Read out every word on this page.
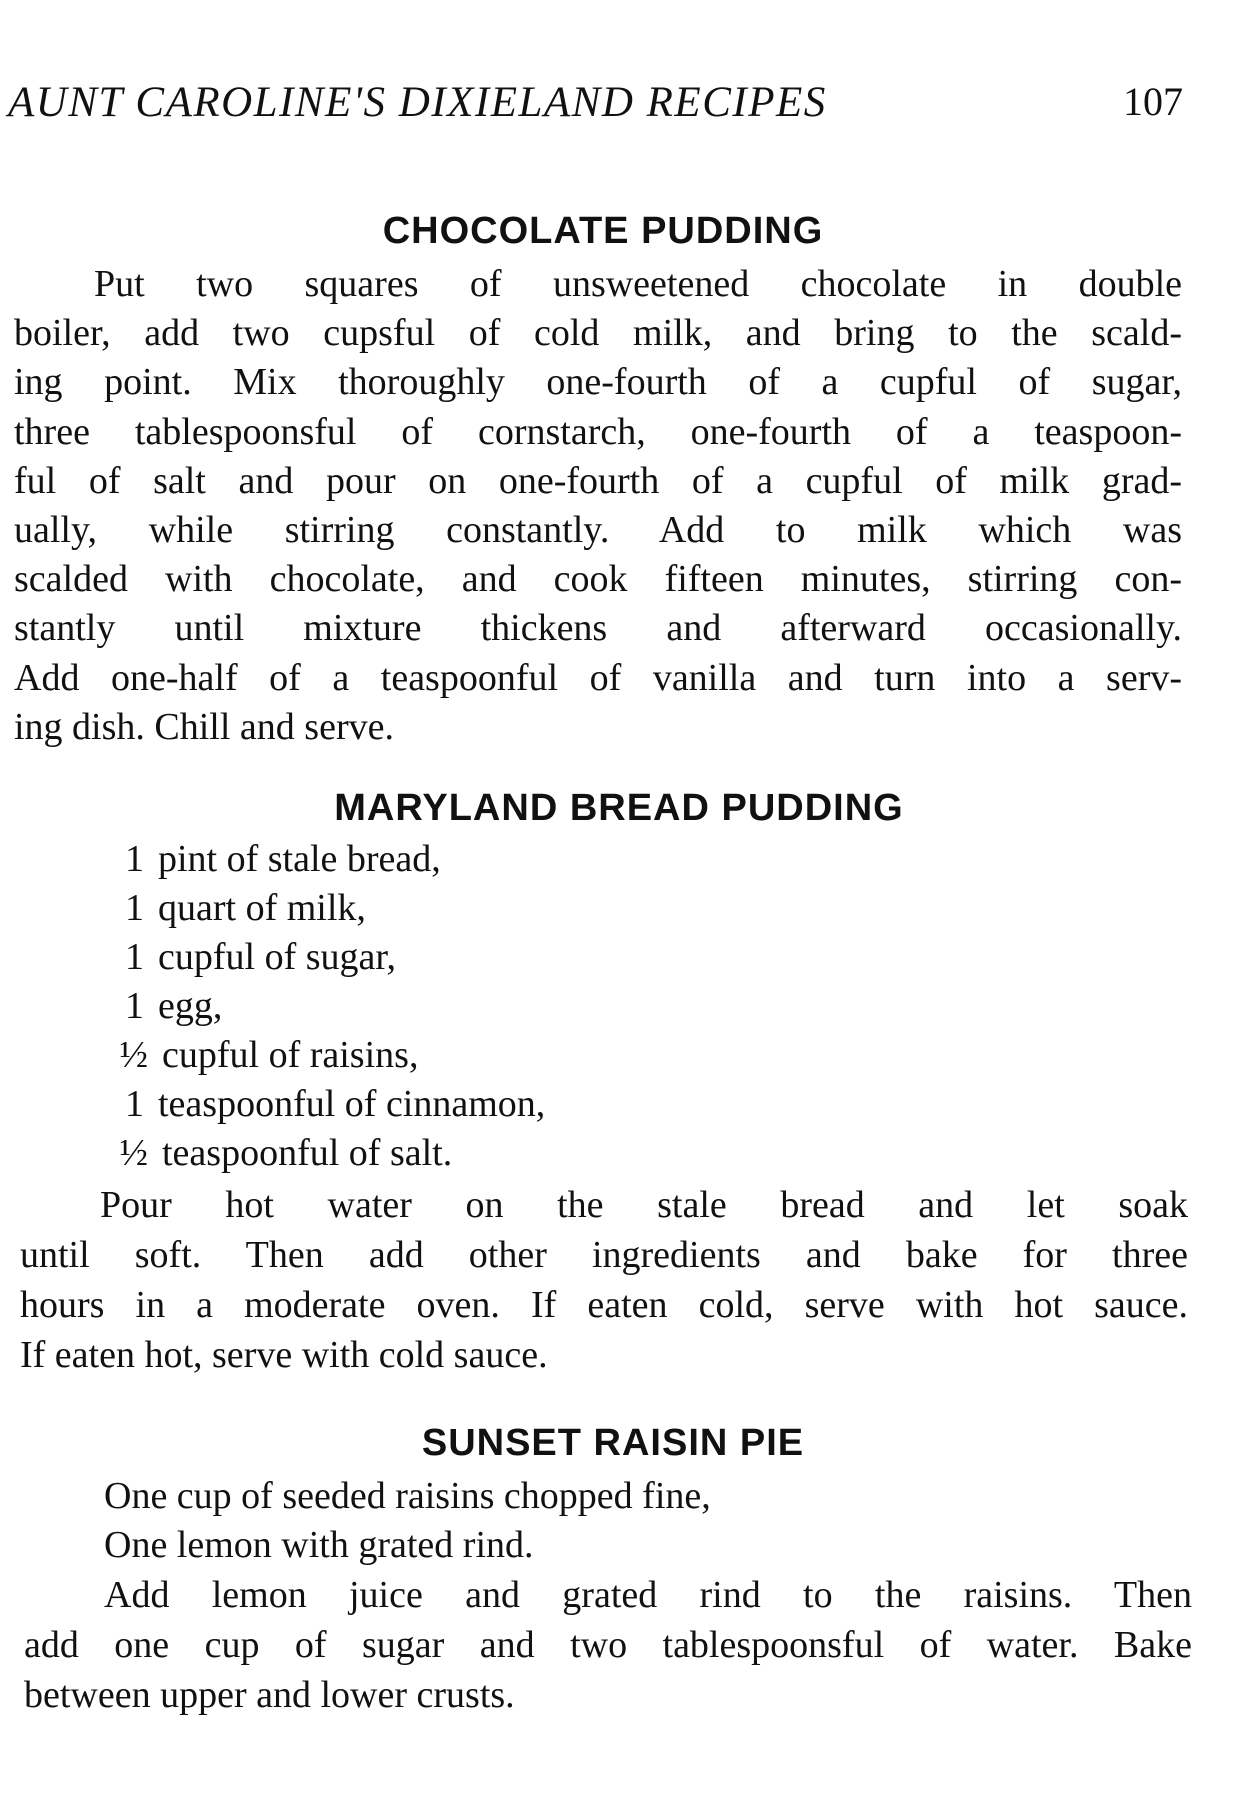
AUNT CAROLINE'S DIXIELAND RECIPES	107
CHOCOLATE PUDDING
Put two squares of unsweetened chocolate in double
boiler, add two cupsful of cold milk, and bring to the scald-
ing point. Mix thoroughly one-fourth of a cupful of sugar,
three tablespoonsful of cornstarch, one-fourth of a teaspoon-
ful of salt and pour on one-fourth of a cupful of milk grad-
ually, while stirring constantly. Add to milk which was
scalded with chocolate, and cook fifteen minutes, stirring con-
stantly until mixture thickens and afterward occasionally.
Add one-half of a teaspoonful of vanilla and turn into a serv-
ing dish. Chill and serve.
MARYLAND BREAD PUDDING
1 pint of stale bread,
1 quart of milk,
1 cupful of sugar,
1 egg,
½ cupful of raisins,
1 teaspoonful of cinnamon,
½ teaspoonful of salt.
Pour hot water on the stale bread and let soak
until soft. Then add other ingredients and bake for three
hours in a moderate oven. If eaten cold, serve with hot sauce.
If eaten hot, serve with cold sauce.
SUNSET RAISIN PIE
One cup of seeded raisins chopped fine,
One lemon with grated rind.
Add lemon juice and grated rind to the raisins. Then
add one cup of sugar and two tablespoonsful of water. Bake
between upper and lower crusts.
